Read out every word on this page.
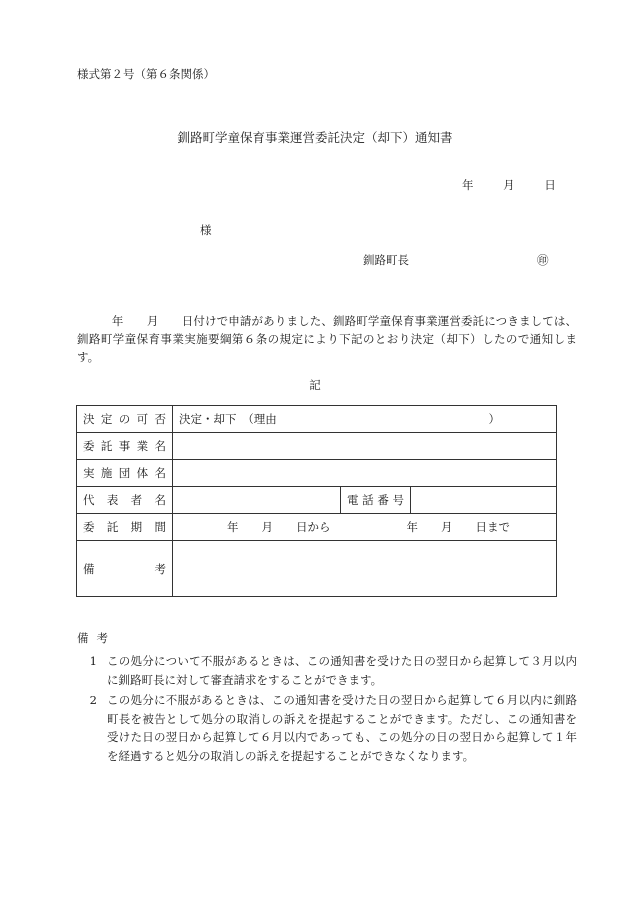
様式第２号（第６条関係）
釧路町学童保育事業運営委託決定（却下）通知書
年	月	日
様
釧路町長	㊞
　　　年　　月　　日付けで申請がありました、釧路町学童保育事業運営委託につきましては、釧路町学童保育事業実施要綱第６条の規定により下記のとおり決定（却下）したので通知します。
記
決定の可否	決定・却下　（理由 ）		

委託事業名			
実施団体名			
代表者名		電話番号	
委託期間	年　　月　　日から 年　　月　　日まで		
備考			
備考
1 この処分について不服があるときは、この通知書を受けた日の翌日から起算して３月以内に釧路町長に対して審査請求をすることができます。
2 この処分に不服があるときは、この通知書を受けた日の翌日から起算して６月以内に釧路町長を被告として処分の取消しの訴えを提起することができます。ただし、この通知書を受けた日の翌日から起算して６月以内であっても、この処分の日の翌日から起算して１年を経過すると処分の取消しの訴えを提起することができなくなります。
